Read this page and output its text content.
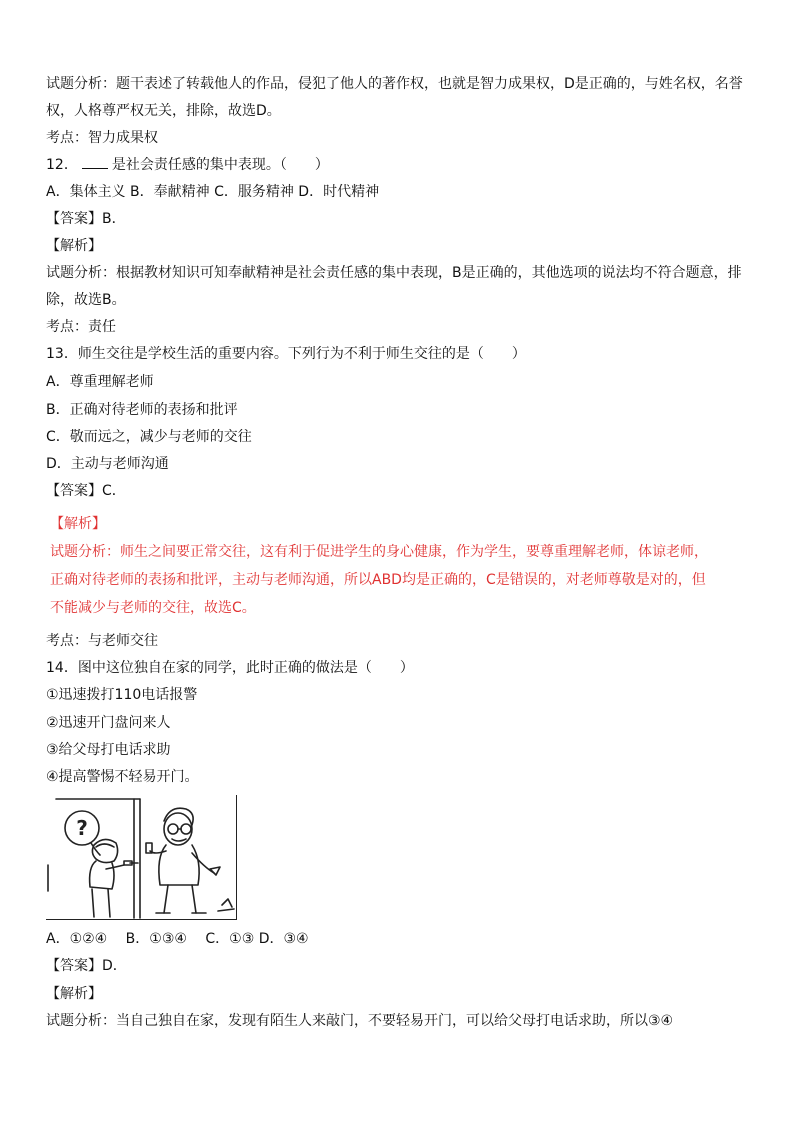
试题分析：题干表述了转载他人的作品，侵犯了他人的著作权，也就是智力成果权，D是正确的，与姓名权，名誉
权，人格尊严权无关，排除，故选D。
考点：智力成果权
12． 是社会责任感的集中表现。（　　）
A．集体主义 B．奉献精神 C．服务精神 D．时代精神
【答案】B．
【解析】
试题分析：根据教材知识可知奉献精神是社会责任感的集中表现，B是正确的，其他选项的说法均不符合题意，排
除，故选B。
考点：责任
13．师生交往是学校生活的重要内容。下列行为不利于师生交往的是（　　）
A．尊重理解老师
B．正确对待老师的表扬和批评
C．敬而远之，减少与老师的交往
D．主动与老师沟通
【答案】C．
【解析】
试题分析：师生之间要正常交往，这有利于促进学生的身心健康，作为学生，要尊重理解老师，体谅老师，
正确对待老师的表扬和批评，主动与老师沟通，所以ABD均是正确的，C是错误的，对老师尊敬是对的，但
不能减少与老师的交往，故选C。
考点：与老师交往
14．图中这位独自在家的同学，此时正确的做法是（　　）
①迅速拨打110电话报警
②迅速开门盘问来人
③给父母打电话求助
④提高警惕不轻易开门。
?
A．①②④　 B．①③④　 C．①③ D．③④
【答案】D．
【解析】
试题分析：当自己独自在家，发现有陌生人来敲门，不要轻易开门，可以给父母打电话求助，所以③④
